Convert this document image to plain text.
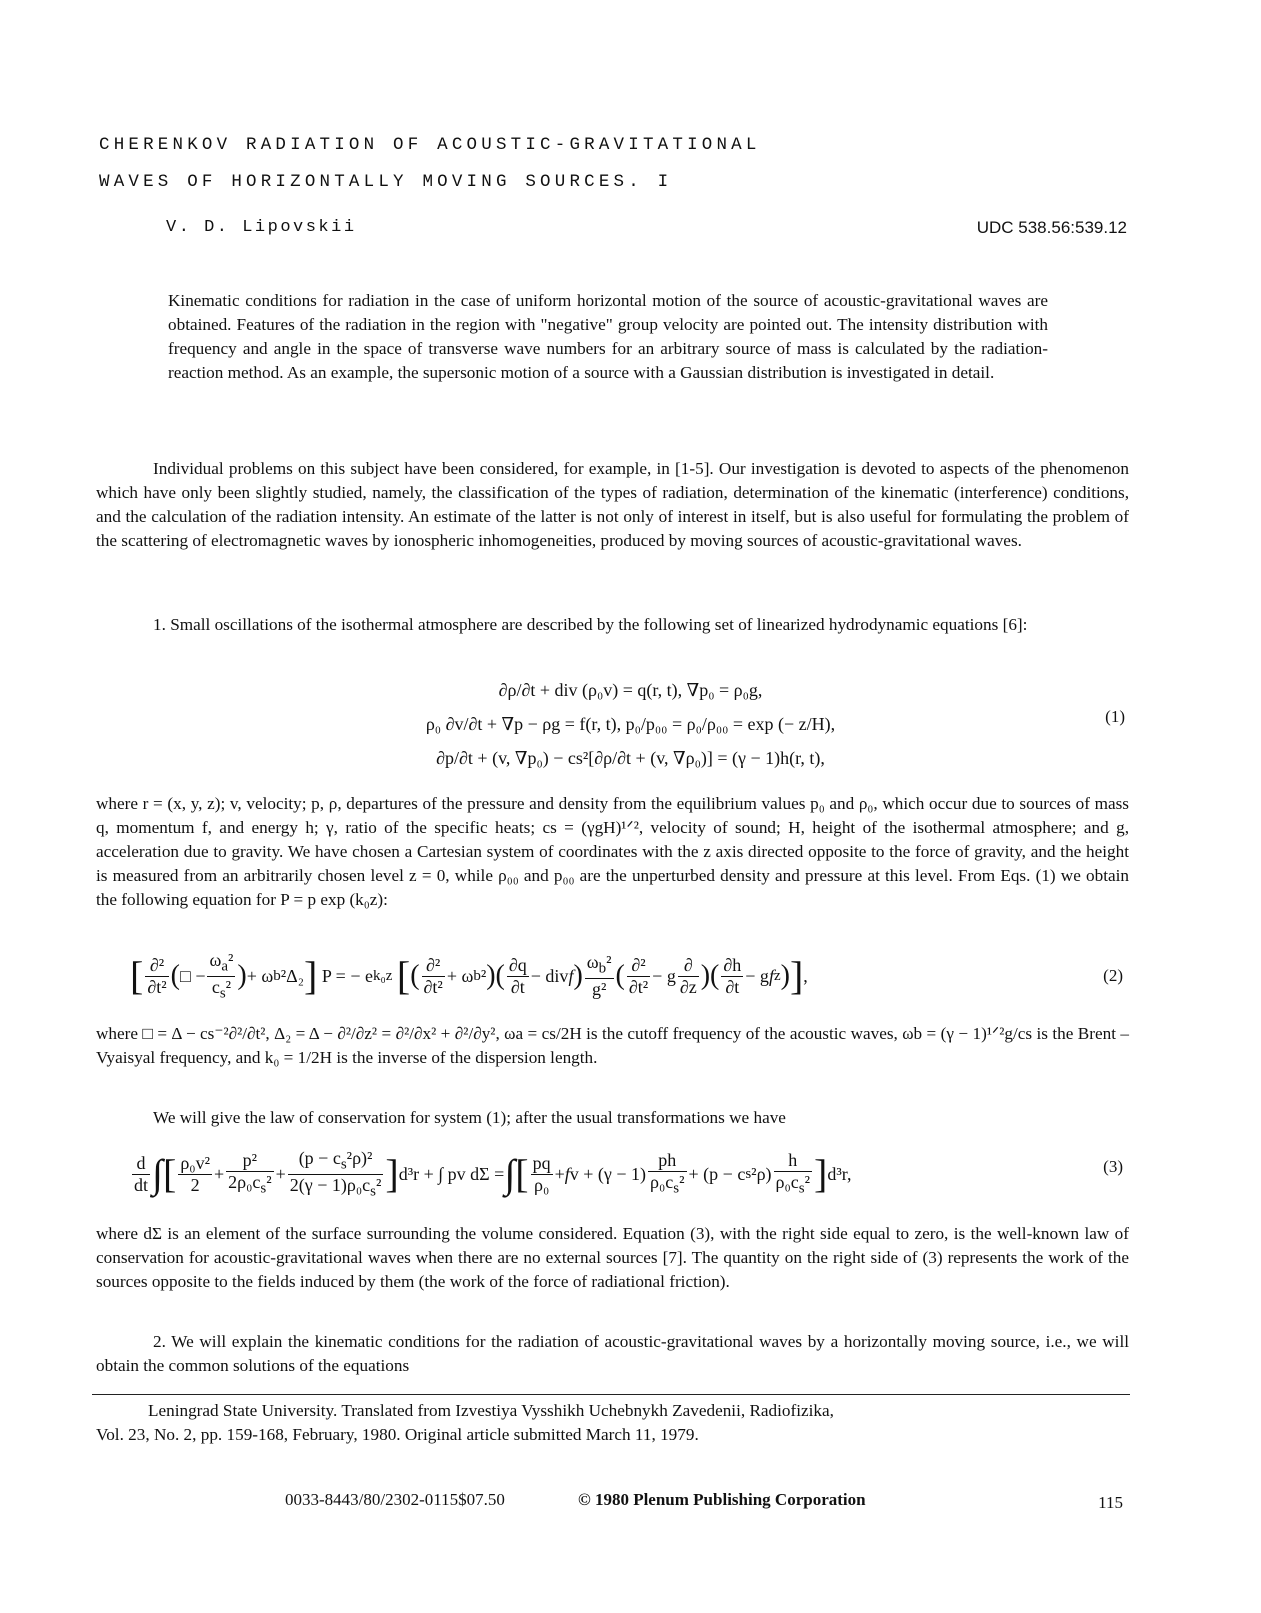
CHERENKOV RADIATION OF ACOUSTIC-GRAVITATIONAL
WAVES OF HORIZONTALLY MOVING SOURCES. I
V. D. Lipovskii	UDC 538.56:539.12
Kinematic conditions for radiation in the case of uniform horizontal motion of the source of acoustic-gravitational waves are obtained. Features of the radiation in the region with "negative" group velocity are pointed out. The intensity distribution with frequency and angle in the space of transverse wave numbers for an arbitrary source of mass is calculated by the radiation-reaction method. As an example, the supersonic motion of a source with a Gaussian distribution is investigated in detail.
Individual problems on this subject have been considered, for example, in [1-5]. Our investigation is devoted to aspects of the phenomenon which have only been slightly studied, namely, the classification of the types of radiation, determination of the kinematic (interference) conditions, and the calculation of the radiation intensity. An estimate of the latter is not only of interest in itself, but is also useful for formulating the problem of the scattering of electromagnetic waves by ionospheric inhomogeneities, produced by moving sources of acoustic-gravitational waves.
1. Small oscillations of the isothermal atmosphere are described by the following set of linearized hydrodynamic equations [6]:
∂ρ/∂t + div (ρ₀v) = q(r, t), ∇p₀ = ρ₀g,
ρ₀ ∂v/∂t + ∇p − ρg = f(r, t), p₀/p₀₀ = ρ₀/ρ₀₀ = exp (− z/H),
∂p/∂t + (v, ∇p₀) − cs²[∂ρ/∂t + (v, ∇ρ₀)] = (γ − 1)h(r, t),
(1)
where r = (x, y, z); v, velocity; p, ρ, departures of the pressure and density from the equilibrium values p₀ and ρ₀, which occur due to sources of mass q, momentum f, and energy h; γ, ratio of the specific heats; cs = (γgH)¹ᐟ², velocity of sound; H, height of the isothermal atmosphere; and g, acceleration due to gravity. We have chosen a Cartesian system of coordinates with the z axis directed opposite to the force of gravity, and the height is measured from an arbitrarily chosen level z = 0, while ρ₀₀ and p₀₀ are the unperturbed density and pressure at this level. From Eqs. (1) we obtain the following equation for P = p exp (k₀z):
[ $\frac{\text{∂²}}{\text{∂t²}}$ ( □ − $\frac{\omega_a^2}{c_s^2}$ ) + ω b ²Δ₂ ] P = − e k₀z
[ ( $\frac{\text{∂²}}{\text{∂t²}} + \omega$ b ² )( $\frac{\partial q}{\partial t}$ − div f ) $\frac{\omega_b^2}{\text{g²}}$ ( $\frac{\text{∂²}}{\text{∂t²}} - g \frac{\partial}{\partial z}$ )( $\frac{\partial h}{\partial t} - g$ f z ) ] ,	(2)
where □ = Δ − cs⁻²∂²/∂t², Δ₂ = Δ − ∂²/∂z² = ∂²/∂x² + ∂²/∂y², ωa = cs/2H is the cutoff frequency of the acoustic waves, ωb = (γ − 1)¹ᐟ²g/cs is the Brent – Vyaisyal frequency, and k₀ = 1/2H is the inverse of the dispersion length.
We will give the law of conservation for system (1); after the usual transformations we have
$\frac{d}{dt}$ ∫ [ $\frac{\text{ρ₀v²}}{2} + \frac{\text{p²}}{2\rho_0c_s^2} + \frac{(p - c_s^2\rho)^2}{2(\gamma - 1)\rho_0c_s^2}$ ] d³r + ∫ pv dΣ = ∫ [ $\frac{pq}{\text{ρ₀}} + f$ $v + (\gamma - 1) \frac{ph}{\rho_0c_s^2} + (p - c$ s $^2\rho) \frac{h}{\rho_0c_s^2}$ ] d³r,	(3)
where dΣ is an element of the surface surrounding the volume considered. Equation (3), with the right side equal to zero, is the well-known law of conservation for acoustic-gravitational waves when there are no external sources [7]. The quantity on the right side of (3) represents the work of the sources opposite to the fields induced by them (the work of the force of radiational friction).
2. We will explain the kinematic conditions for the radiation of acoustic-gravitational waves by a horizontally moving source, i.e., we will obtain the common solutions of the equations
Leningrad State University. Translated from Izvestiya Vysshikh Uchebnykh Zavedenii, Radiofizika,
Vol. 23, No. 2, pp. 159-168, February, 1980. Original article submitted March 11, 1979.
0033-8443/80/2302-0115$07.50	© 1980 Plenum Publishing Corporation	115
